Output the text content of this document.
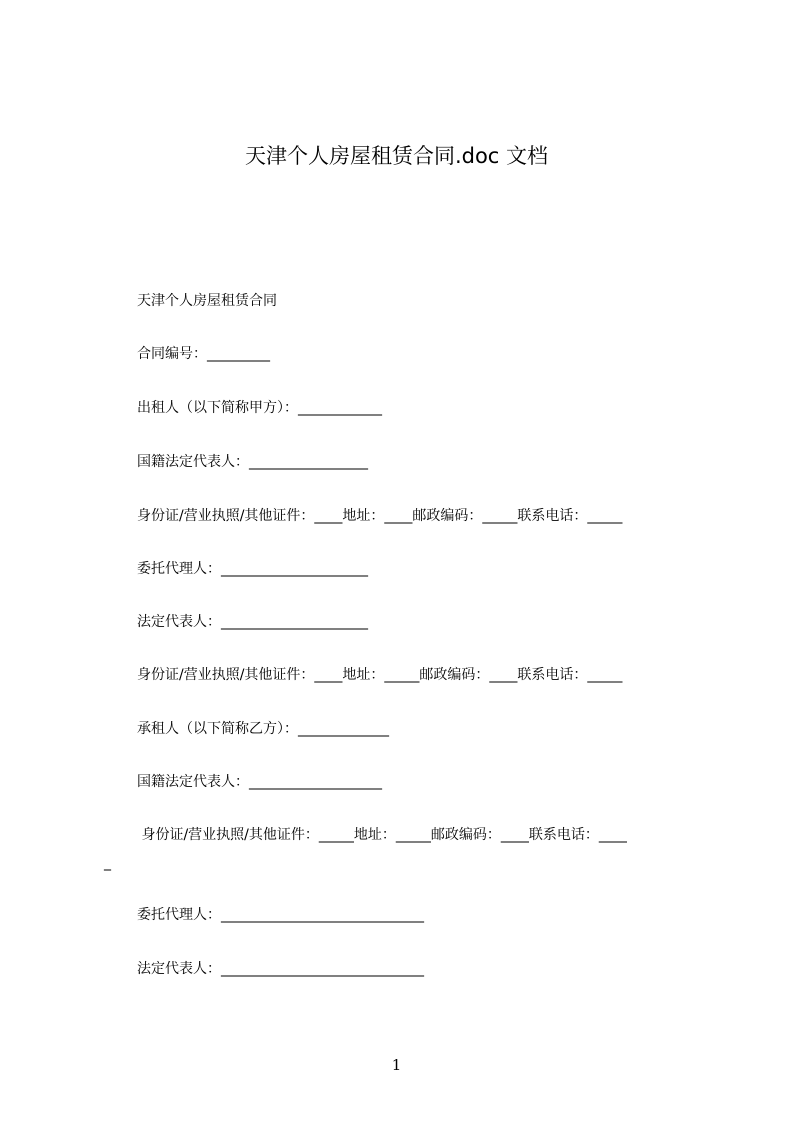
天津个人房屋租赁合同.doc 文档
天津个人房屋租赁合同
合同编号：_________
出租人（以下简称甲方）：____________
国籍法定代表人：_________________
身份证/营业执照/其他证件：____地址：____邮政编码：_____联系电话：_____
委托代理人：_____________________
法定代表人：_____________________
身份证/营业执照/其他证件：____地址：_____邮政编码：____联系电话：_____
承租人（以下简称乙方）：_____________
国籍法定代表人：___________________
身份证/营业执照/其他证件：_____地址：_____邮政编码：____联系电话：____
_
委托代理人：_____________________________
法定代表人：_____________________________
1
